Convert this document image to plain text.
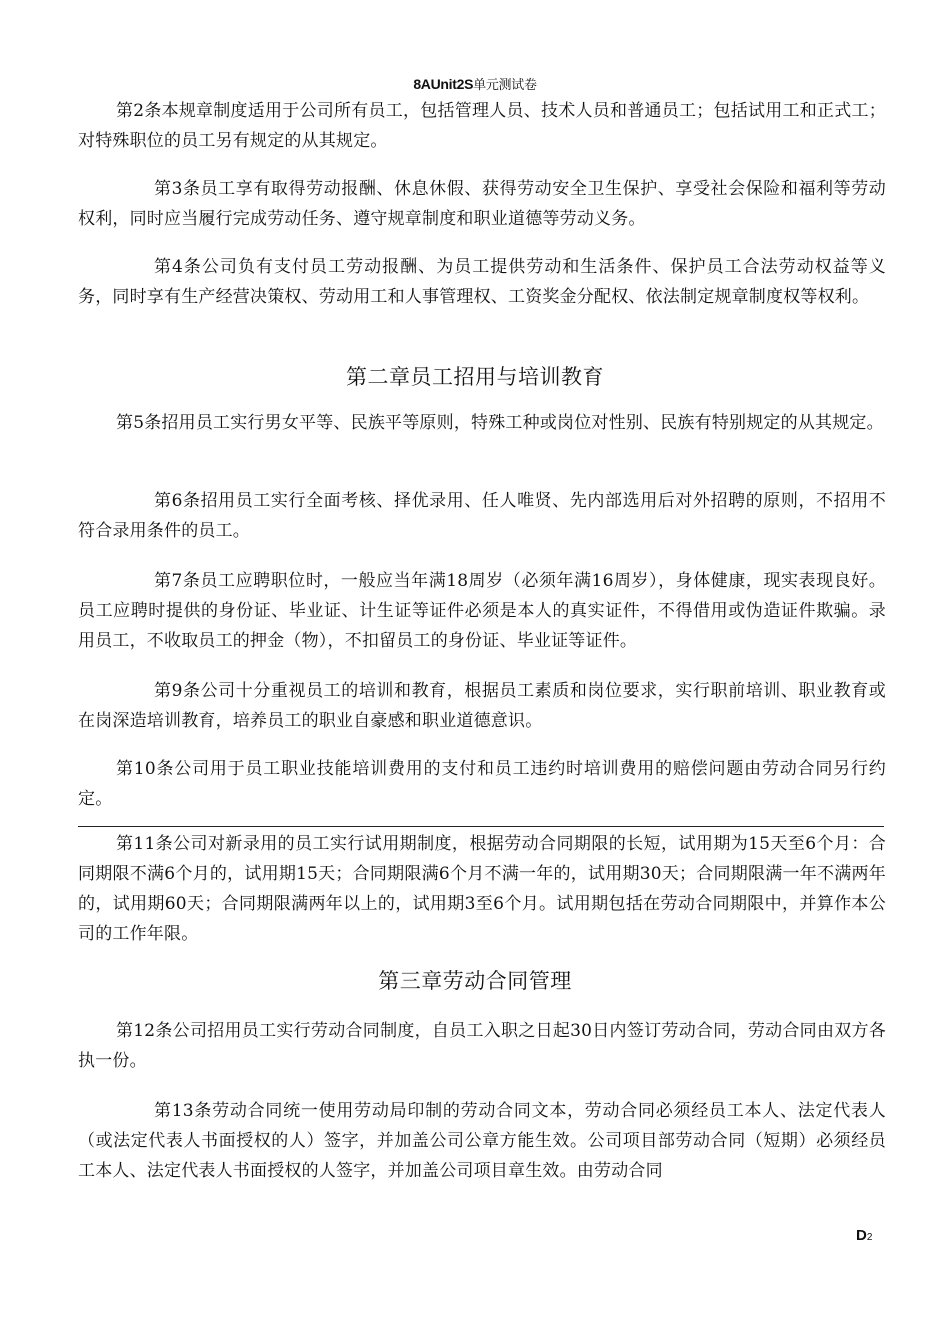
8AUnit2S单元测试卷

第2条本规章制度适用于公司所有员工，包括管理人员、技术人员和普通员工；包括试用工和正式工；对特殊职位的员工另有规定的从其规定。

第3条员工享有取得劳动报酬、休息休假、获得劳动安全卫生保护、享受社会保险和福利等劳动权利，同时应当履行完成劳动任务、遵守规章制度和职业道德等劳动义务。

第4条公司负有支付员工劳动报酬、为员工提供劳动和生活条件、保护员工合法劳动权益等义务，同时享有生产经营决策权、劳动用工和人事管理权、工资奖金分配权、依法制定规章制度权等权利。

第二章员工招用与培训教育

第5条招用员工实行男女平等、民族平等原则，特殊工种或岗位对性别、民族有特别规定的从其规定。

第6条招用员工实行全面考核、择优录用、任人唯贤、先内部选用后对外招聘的原则，不招用不符合录用条件的员工。

第7条员工应聘职位时，一般应当年满18周岁（必须年满16周岁），身体健康，现实表现良好。员工应聘时提供的身份证、毕业证、计生证等证件必须是本人的真实证件，不得借用或伪造证件欺骗。录用员工，不收取员工的押金（物），不扣留员工的身份证、毕业证等证件。

第9条公司十分重视员工的培训和教育，根据员工素质和岗位要求，实行职前培训、职业教育或在岗深造培训教育，培养员工的职业自豪感和职业道德意识。

第10条公司用于员工职业技能培训费用的支付和员工违约时培训费用的赔偿问题由劳动合同另行约定。

第11条公司对新录用的员工实行试用期制度，根据劳动合同期限的长短，试用期为15天至6个月：合同期限不满6个月的，试用期15天；合同期限满6个月不满一年的，试用期30天；合同期限满一年不满两年的，试用期60天；合同期限满两年以上的，试用期3至6个月。试用期包括在劳动合同期限中，并算作本公司的工作年限。

第三章劳动合同管理

第12条公司招用员工实行劳动合同制度，自员工入职之日起30日内签订劳动合同，劳动合同由双方各执一份。

第13条劳动合同统一使用劳动局印制的劳动合同文本，劳动合同必须经员工本人、法定代表人（或法定代表人书面授权的人）签字，并加盖公司公章方能生效。公司项目部劳动合同（短期）必须经员工本人、法定代表人书面授权的人签字，并加盖公司项目章生效。由劳动合同

D2
